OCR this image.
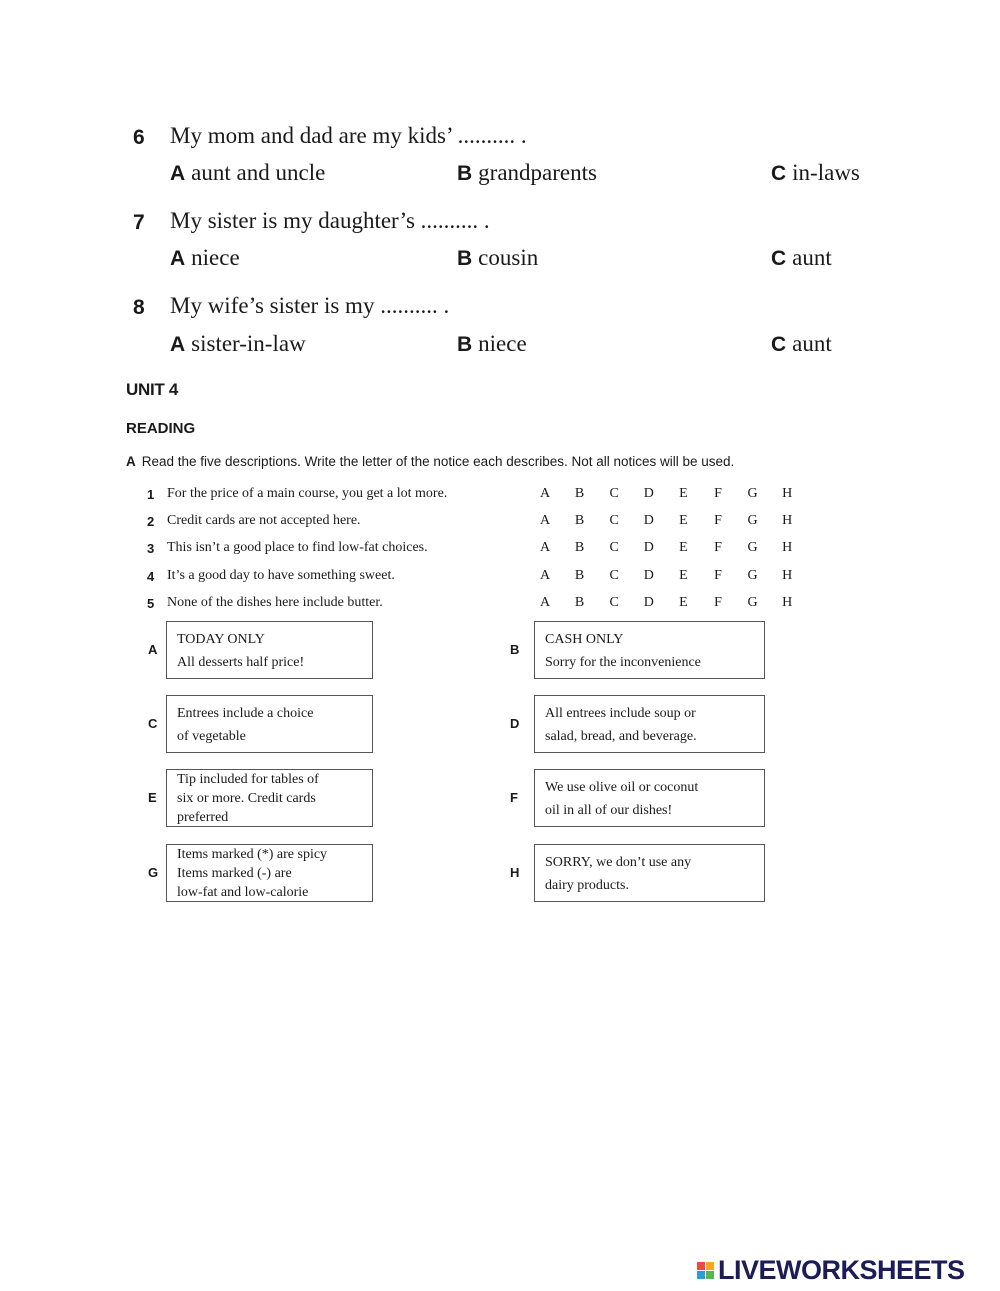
6 My mom and dad are my kids’ .......... .
A aunt and uncle	B grandparents	C in-laws
7 My sister is my daughter’s .......... .
A niece	B cousin	C aunt
8 My wife’s sister is my .......... .
A sister-in-law	B niece	C aunt
UNIT 4
READING
A Read the five descriptions. Write the letter of the notice each describes. Not all notices will be used.
1 For the price of a main course, you get a lot more.	A B C D E F G H
2 Credit cards are not accepted here.	A B C D E F G H
3 This isn’t a good place to find low-fat choices.	A B C D E F G H
4 It’s a good day to have something sweet.	A B C D E F G H
5 None of the dishes here include butter.	A B C D E F G H
A
TODAY ONLY
All desserts half price!
B
CASH ONLY
Sorry for the inconvenience
C
Entrees include a choice
of vegetable
D
All entrees include soup or
salad, bread, and beverage.
E
Tip included for tables of
six or more. Credit cards
preferred
F
We use olive oil or coconut
oil in all of our dishes!
G
Items marked (*) are spicy
Items marked (-) are
low-fat and low-calorie
H
SORRY, we don’t use any
dairy products.
LIVEWORKSHEETS
